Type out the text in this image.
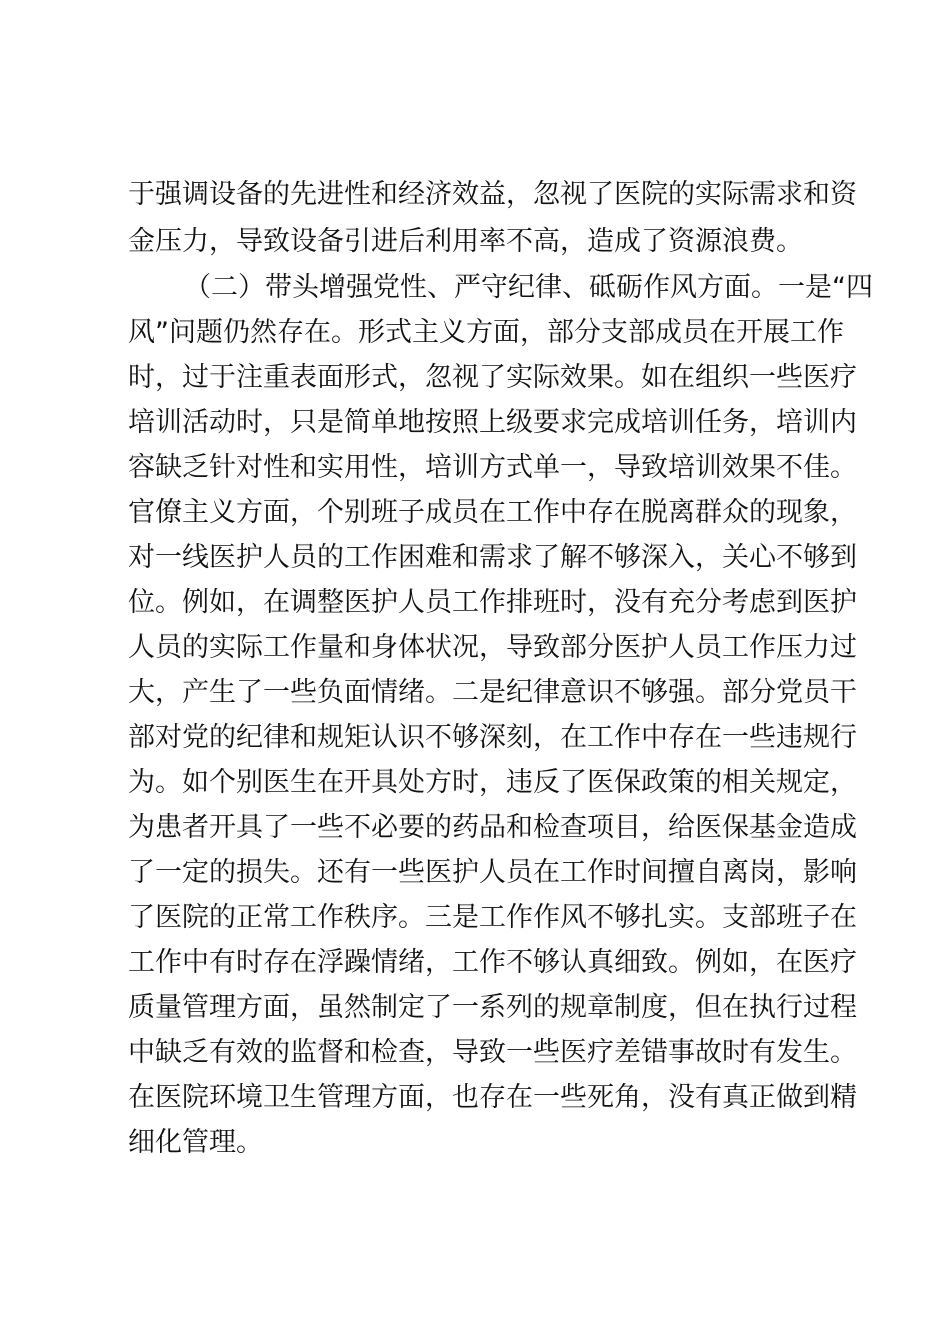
于强调设备的先进性和经济效益，忽视了医院的实际需求和资

金压力，导致设备引进后利用率不高，造成了资源浪费。

（二）带头增强党性、严守纪律、砥砺作风方面。一是“四

风”问题仍然存在。形式主义方面，部分支部成员在开展工作

时，过于注重表面形式，忽视了实际效果。如在组织一些医疗

培训活动时，只是简单地按照上级要求完成培训任务，培训内

容缺乏针对性和实用性，培训方式单一，导致培训效果不佳。

官僚主义方面，个别班子成员在工作中存在脱离群众的现象，

对一线医护人员的工作困难和需求了解不够深入，关心不够到

位。例如，在调整医护人员工作排班时，没有充分考虑到医护

人员的实际工作量和身体状况，导致部分医护人员工作压力过

大，产生了一些负面情绪。二是纪律意识不够强。部分党员干

部对党的纪律和规矩认识不够深刻，在工作中存在一些违规行

为。如个别医生在开具处方时，违反了医保政策的相关规定，

为患者开具了一些不必要的药品和检查项目，给医保基金造成

了一定的损失。还有一些医护人员在工作时间擅自离岗，影响

了医院的正常工作秩序。三是工作作风不够扎实。支部班子在

工作中有时存在浮躁情绪，工作不够认真细致。例如，在医疗

质量管理方面，虽然制定了一系列的规章制度，但在执行过程

中缺乏有效的监督和检查，导致一些医疗差错事故时有发生。

在医院环境卫生管理方面，也存在一些死角，没有真正做到精

细化管理。
